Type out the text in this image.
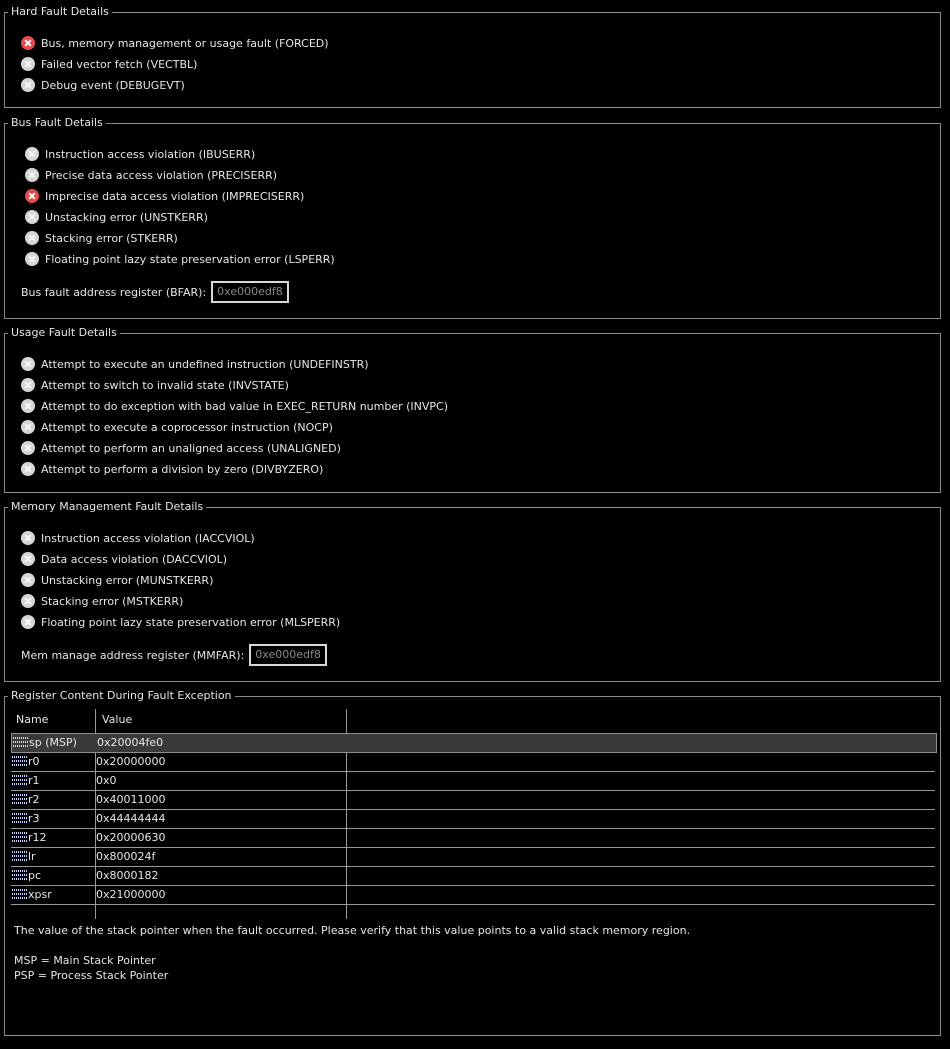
Hard Fault Details
Bus, memory management or usage fault (FORCED)
Failed vector fetch (VECTBL)
Debug event (DEBUGEVT)
Bus Fault Details
Instruction access violation (IBUSERR)
Precise data access violation (PRECISERR)
Imprecise data access violation (IMPRECISERR)
Unstacking error (UNSTKERR)
Stacking error (STKERR)
Floating point lazy state preservation error (LSPERR)
Bus fault address register (BFAR):	0xe000edf8
Usage Fault Details
Attempt to execute an undefined instruction (UNDEFINSTR)
Attempt to switch to invalid state (INVSTATE)
Attempt to do exception with bad value in EXEC_RETURN number (INVPC)
Attempt to execute a coprocessor instruction (NOCP)
Attempt to perform an unaligned access (UNALIGNED)
Attempt to perform a division by zero (DIVBYZERO)
Memory Management Fault Details
Instruction access violation (IACCVIOL)
Data access violation (DACCVIOL)
Unstacking error (MUNSTKERR)
Stacking error (MSTKERR)
Floating point lazy state preservation error (MLSPERR)
Mem manage address register (MMFAR):	0xe000edf8
Register Content During Fault Exception
Name	Value
sp (MSP) 0x20004fe0
r0	0x20000000
r1	0x0
r2	0x40011000
r3	0x44444444
r12	0x20000630
lr	0x800024f
pc	0x8000182
xpsr	0x21000000
The value of the stack pointer when the fault occurred. Please verify that this value points to a valid stack memory region.
MSP = Main Stack Pointer
PSP = Process Stack Pointer
